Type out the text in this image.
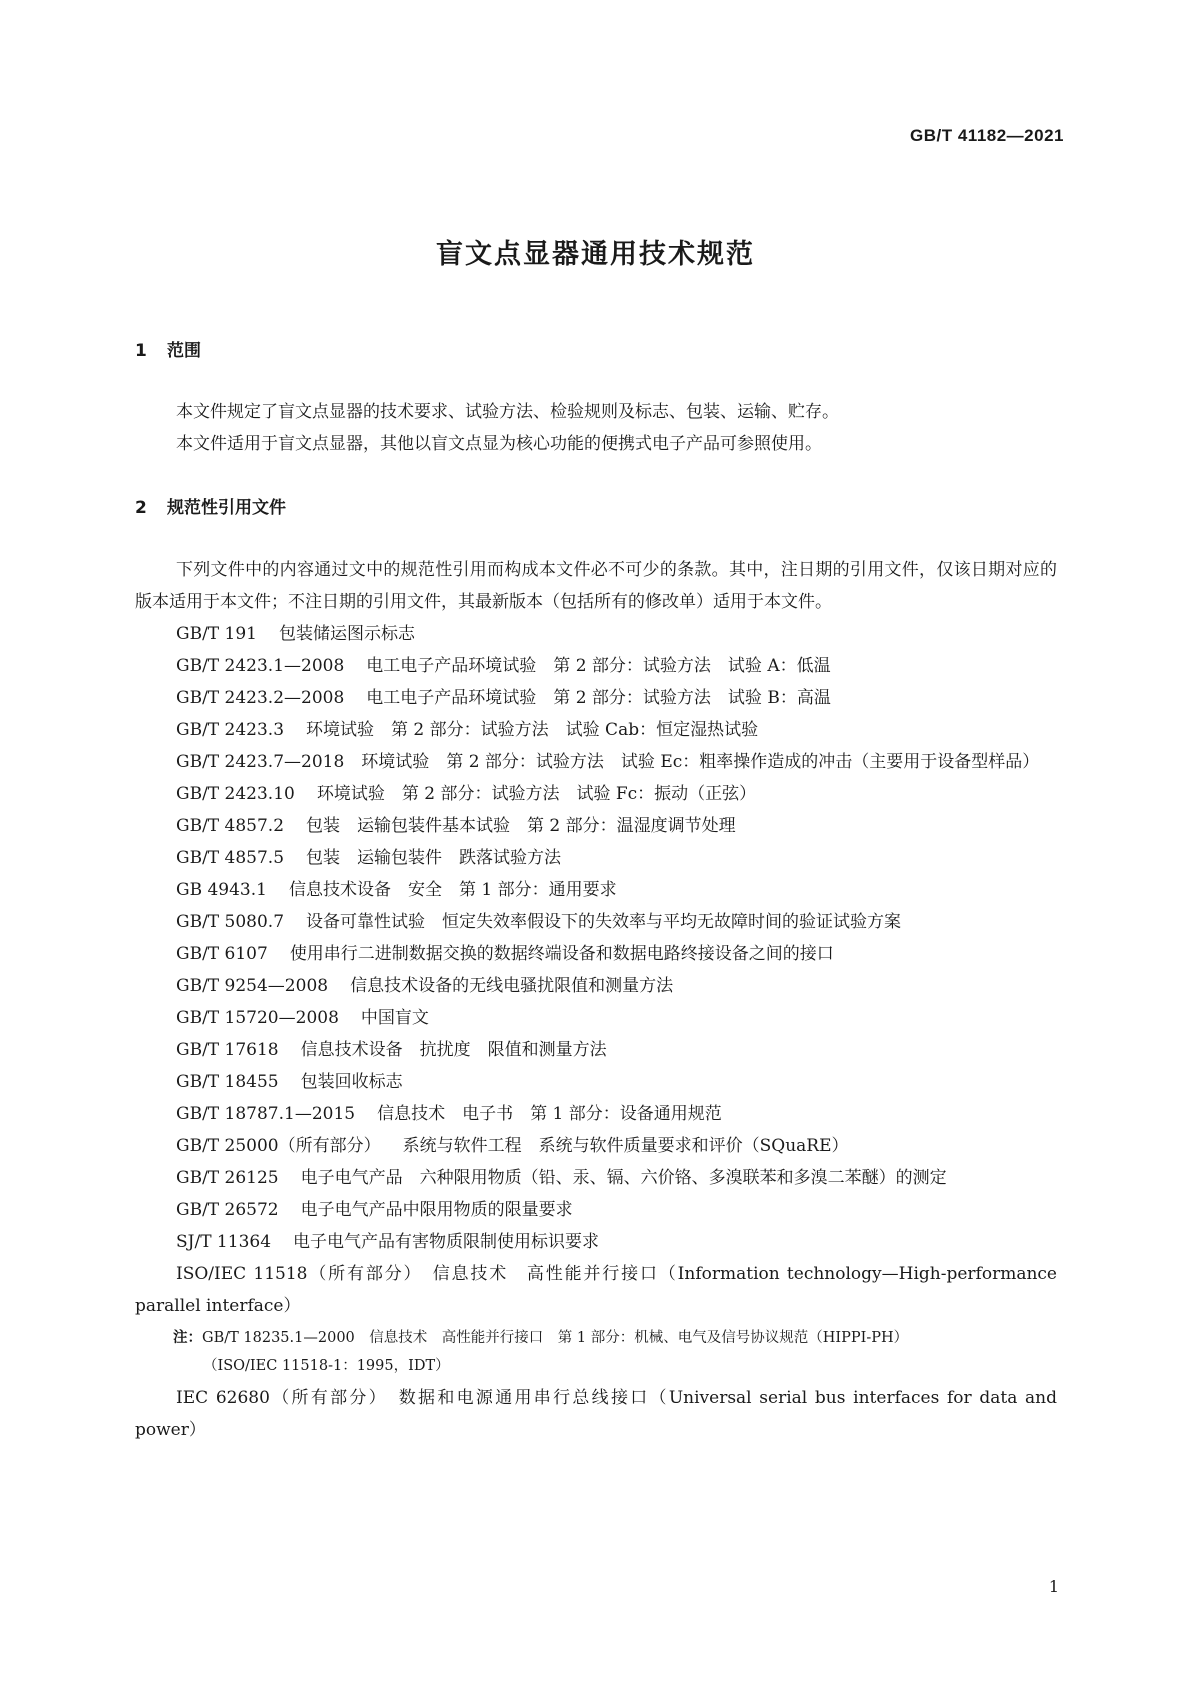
GB/T 41182—2021
盲文点显器通用技术规范
1	范围

本文件规定了盲文点显器的技术要求、试验方法、检验规则及标志、包装、运输、贮存。

本文件适用于盲文点显器，其他以盲文点显为核心功能的便携式电子产品可参照使用。

2	规范性引用文件

下列文件中的内容通过文中的规范性引用而构成本文件必不可少的条款。其中，注日期的引用文件，仅该日期对应的版本适用于本文件；不注日期的引用文件，其最新版本（包括所有的修改单）适用于本文件。

GB/T 191 包装储运图示标志

GB/T 2423.1—2008 电工电子产品环境试验　第 2 部分：试验方法　试验 A：低温

GB/T 2423.2—2008 电工电子产品环境试验　第 2 部分：试验方法　试验 B：高温

GB/T 2423.3 环境试验　第 2 部分：试验方法　试验 Cab：恒定湿热试验

GB/T 2423.7—2018　 环境试验　第 2 部分：试验方法　试验 Ec：粗率操作造成的冲击（主要用于设备型样品）

GB/T 2423.10 环境试验　第 2 部分：试验方法　试验 Fc：振动（正弦）

GB/T 4857.2 包装　运输包装件基本试验　第 2 部分：温湿度调节处理

GB/T 4857.5 包装　运输包装件　跌落试验方法

GB 4943.1 信息技术设备　安全　第 1 部分：通用要求

GB/T 5080.7 设备可靠性试验　恒定失效率假设下的失效率与平均无故障时间的验证试验方案

GB/T 6107 使用串行二进制数据交换的数据终端设备和数据电路终接设备之间的接口

GB/T 9254—2008 信息技术设备的无线电骚扰限值和测量方法

GB/T 15720—2008 中国盲文

GB/T 17618 信息技术设备　抗扰度　限值和测量方法

GB/T 18455 包装回收标志

GB/T 18787.1—2015 信息技术　电子书　第 1 部分：设备通用规范

GB/T 25000（所有部分） 系统与软件工程　系统与软件质量要求和评价（SQuaRE）

GB/T 26125 电子电气产品　六种限用物质（铅、汞、镉、六价铬、多溴联苯和多溴二苯醚）的测定

GB/T 26572 电子电气产品中限用物质的限量要求

SJ/T 11364 电子电气产品有害物质限制使用标识要求

ISO/IEC 11518（所有部分）　 信息技术　高性能并行接口（Information technology—High-performance parallel interface）

注：GB/T 18235.1—2000　信息技术　高性能并行接口　第 1 部分：机械、电气及信号协议规范（HIPPI-PH）
（ISO/IEC 11518-1：1995，IDT）

IEC 62680（所有部分）　 数据和电源通用串行总线接口（Universal serial bus interfaces for data and power）

1
